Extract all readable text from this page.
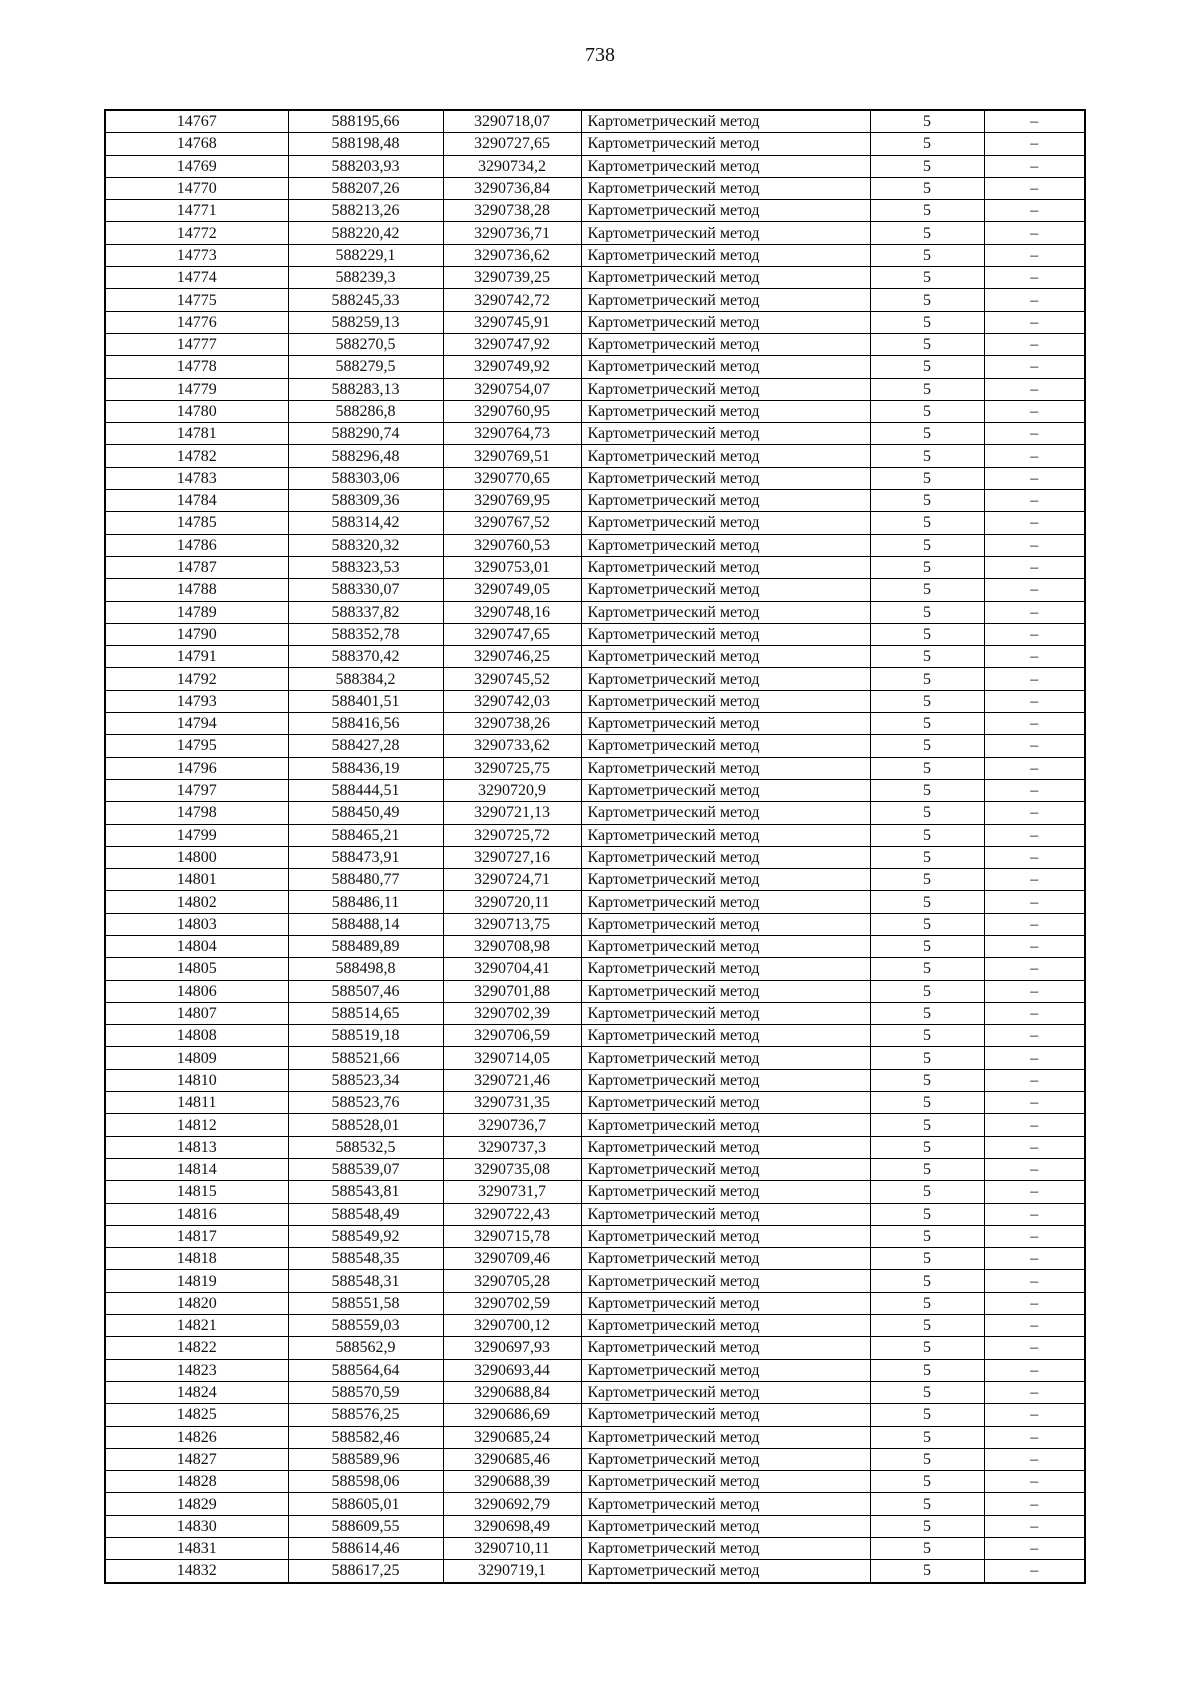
738
14767	588195,66	3290718,07	Картометрический метод	5	–
14768	588198,48	3290727,65	Картометрический метод	5	–
14769	588203,93	3290734,2	Картометрический метод	5	–
14770	588207,26	3290736,84	Картометрический метод	5	–
14771	588213,26	3290738,28	Картометрический метод	5	–
14772	588220,42	3290736,71	Картометрический метод	5	–
14773	588229,1	3290736,62	Картометрический метод	5	–
14774	588239,3	3290739,25	Картометрический метод	5	–
14775	588245,33	3290742,72	Картометрический метод	5	–
14776	588259,13	3290745,91	Картометрический метод	5	–
14777	588270,5	3290747,92	Картометрический метод	5	–
14778	588279,5	3290749,92	Картометрический метод	5	–
14779	588283,13	3290754,07	Картометрический метод	5	–
14780	588286,8	3290760,95	Картометрический метод	5	–
14781	588290,74	3290764,73	Картометрический метод	5	–
14782	588296,48	3290769,51	Картометрический метод	5	–
14783	588303,06	3290770,65	Картометрический метод	5	–
14784	588309,36	3290769,95	Картометрический метод	5	–
14785	588314,42	3290767,52	Картометрический метод	5	–
14786	588320,32	3290760,53	Картометрический метод	5	–
14787	588323,53	3290753,01	Картометрический метод	5	–
14788	588330,07	3290749,05	Картометрический метод	5	–
14789	588337,82	3290748,16	Картометрический метод	5	–
14790	588352,78	3290747,65	Картометрический метод	5	–
14791	588370,42	3290746,25	Картометрический метод	5	–
14792	588384,2	3290745,52	Картометрический метод	5	–
14793	588401,51	3290742,03	Картометрический метод	5	–
14794	588416,56	3290738,26	Картометрический метод	5	–
14795	588427,28	3290733,62	Картометрический метод	5	–
14796	588436,19	3290725,75	Картометрический метод	5	–
14797	588444,51	3290720,9	Картометрический метод	5	–
14798	588450,49	3290721,13	Картометрический метод	5	–
14799	588465,21	3290725,72	Картометрический метод	5	–
14800	588473,91	3290727,16	Картометрический метод	5	–
14801	588480,77	3290724,71	Картометрический метод	5	–
14802	588486,11	3290720,11	Картометрический метод	5	–
14803	588488,14	3290713,75	Картометрический метод	5	–
14804	588489,89	3290708,98	Картометрический метод	5	–
14805	588498,8	3290704,41	Картометрический метод	5	–
14806	588507,46	3290701,88	Картометрический метод	5	–
14807	588514,65	3290702,39	Картометрический метод	5	–
14808	588519,18	3290706,59	Картометрический метод	5	–
14809	588521,66	3290714,05	Картометрический метод	5	–
14810	588523,34	3290721,46	Картометрический метод	5	–
14811	588523,76	3290731,35	Картометрический метод	5	–
14812	588528,01	3290736,7	Картометрический метод	5	–
14813	588532,5	3290737,3	Картометрический метод	5	–
14814	588539,07	3290735,08	Картометрический метод	5	–
14815	588543,81	3290731,7	Картометрический метод	5	–
14816	588548,49	3290722,43	Картометрический метод	5	–
14817	588549,92	3290715,78	Картометрический метод	5	–
14818	588548,35	3290709,46	Картометрический метод	5	–
14819	588548,31	3290705,28	Картометрический метод	5	–
14820	588551,58	3290702,59	Картометрический метод	5	–
14821	588559,03	3290700,12	Картометрический метод	5	–
14822	588562,9	3290697,93	Картометрический метод	5	–
14823	588564,64	3290693,44	Картометрический метод	5	–
14824	588570,59	3290688,84	Картометрический метод	5	–
14825	588576,25	3290686,69	Картометрический метод	5	–
14826	588582,46	3290685,24	Картометрический метод	5	–
14827	588589,96	3290685,46	Картометрический метод	5	–
14828	588598,06	3290688,39	Картометрический метод	5	–
14829	588605,01	3290692,79	Картометрический метод	5	–
14830	588609,55	3290698,49	Картометрический метод	5	–
14831	588614,46	3290710,11	Картометрический метод	5	–
14832	588617,25	3290719,1	Картометрический метод	5	–
